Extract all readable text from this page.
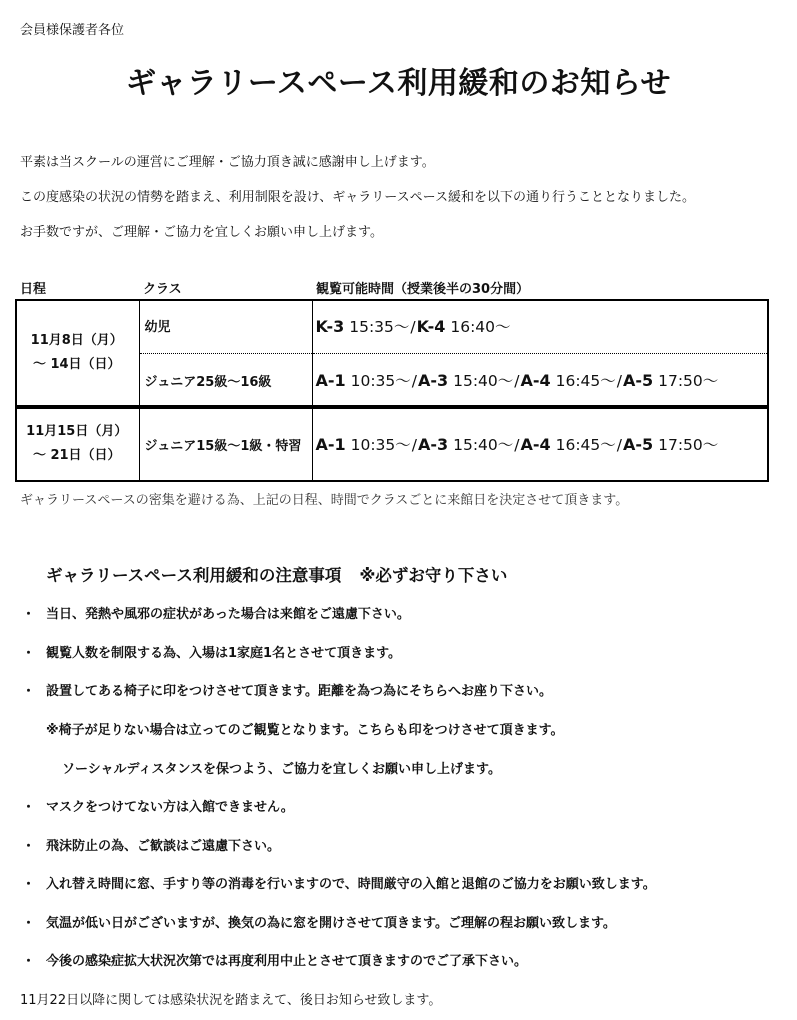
会員様保護者各位
ギャラリースペース利用緩和のお知らせ
平素は当スクールの運営にご理解・ご協力頂き誠に感謝申し上げます。
この度感染の状況の情勢を踏まえ、利用制限を設け、ギャラリースペース緩和を以下の通り行うこととなりました。
お手数ですが、ご理解・ご協力を宜しくお願い申し上げます。
日程	クラス	観覧可能時間（授業後半の30分間）
11月8日（月）
～ 14日（日）	幼児	K-3 15:35～/K-4 16:40～
	ジュニア25級～16級	A-1 10:35～/A-3 15:40～/A-4 16:45～/A-5 17:50～

11月15日（月）
～ 21日（日）	ジュニア15級～1級・特習	A-1 10:35～/A-3 15:40～/A-4 16:45～/A-5 17:50～
ギャラリースペースの密集を避ける為、上記の日程、時間でクラスごとに来館日を決定させて頂きます。
ギャラリースペース利用緩和の注意事項 ※必ずお守り下さい
・ 当日、発熱や風邪の症状があった場合は来館をご遠慮下さい。
・ 観覧人数を制限する為、入場は1家庭1名とさせて頂きます。
・ 設置してある椅子に印をつけさせて頂きます。距離を為つ為にそちらへお座り下さい。
※椅子が足りない場合は立ってのご観覧となります。こちらも印をつけさせて頂きます。
ソーシャルディスタンスを保つよう、ご協力を宜しくお願い申し上げます。
・ マスクをつけてない方は入館できません。
・ 飛沫防止の為、ご歓談はご遠慮下さい。
・ 入れ替え時間に窓、手すり等の消毒を行いますので、時間厳守の入館と退館のご協力をお願い致します。
・ 気温が低い日がございますが、換気の為に窓を開けさせて頂きます。ご理解の程お願い致します。
・ 今後の感染症拡大状況次第では再度利用中止とさせて頂きますのでご了承下さい。
11月22日以降に関しては感染状況を踏まえて、後日お知らせ致します。
